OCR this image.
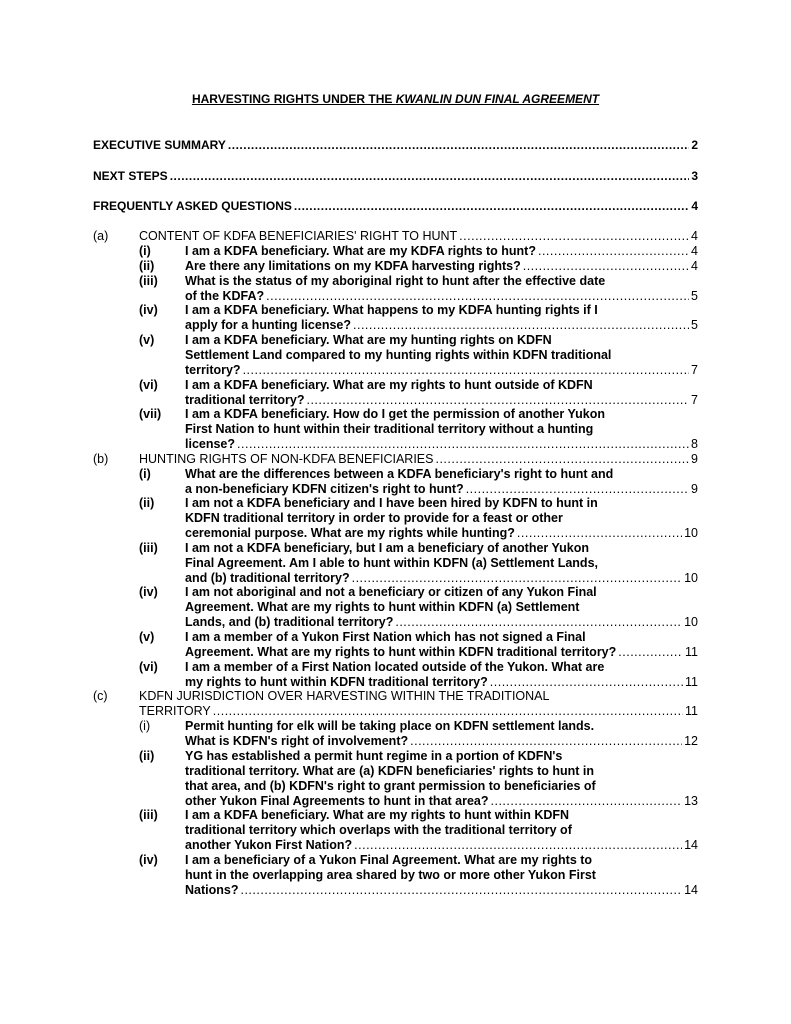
HARVESTING RIGHTS UNDER THE KWANLIN DUN FINAL AGREEMENT
EXECUTIVE SUMMARY .....	2
NEXT STEPS .....	3
FREQUENTLY ASKED QUESTIONS .....	4
(a) CONTENT OF KDFA BENEFICIARIES' RIGHT TO HUNT .....	4
(i)	I am a KDFA beneficiary. What are my KDFA rights to hunt? .....	4
(ii) Are there any limitations on my KDFA harvesting rights? .....	4
(iii) What is the status of my aboriginal right to hunt after the effective date
of the KDFA? .....	5
(iv) I am a KDFA beneficiary. What happens to my KDFA hunting rights if I
apply for a hunting license? .....	5
(v) I am a KDFA beneficiary. What are my hunting rights on KDFN
Settlement Land compared to my hunting rights within KDFN traditional
territory? .....	7
(vi) I am a KDFA beneficiary. What are my rights to hunt outside of KDFN
traditional territory? .....	7
(vii) I am a KDFA beneficiary. How do I get the permission of another Yukon
First Nation to hunt within their traditional territory without a hunting
license? .....	8
(b) HUNTING RIGHTS OF NON-KDFA BENEFICIARIES .....	9
(i)	What are the differences between a KDFA beneficiary's right to hunt and
a non-beneficiary KDFN citizen's right to hunt? .....	9
(ii) I am not a KDFA beneficiary and I have been hired by KDFN to hunt in
KDFN traditional territory in order to provide for a feast or other
ceremonial purpose. What are my rights while hunting? .....	10
(iii) I am not a KDFA beneficiary, but I am a beneficiary of another Yukon
Final Agreement. Am I able to hunt within KDFN (a) Settlement Lands,
and (b) traditional territory? .....	10
(iv) I am not aboriginal and not a beneficiary or citizen of any Yukon Final
Agreement. What are my rights to hunt within KDFN (a) Settlement
Lands, and (b) traditional territory? .....	10
(v) I am a member of a Yukon First Nation which has not signed a Final
Agreement. What are my rights to hunt within KDFN traditional territory? .....	11
(vi) I am a member of a First Nation located outside of the Yukon. What are
my rights to hunt within KDFN traditional territory? .....	11
(c)	KDFN JURISDICTION OVER HARVESTING WITHIN THE TRADITIONAL
TERRITORY .....	11
(i)	Permit hunting for elk will be taking place on KDFN settlement lands.
What is KDFN's right of involvement? .....	12
(ii) YG has established a permit hunt regime in a portion of KDFN's
traditional territory. What are (a) KDFN beneficiaries' rights to hunt in
that area, and (b) KDFN's right to grant permission to beneficiaries of
other Yukon Final Agreements to hunt in that area? .....	13
(iii) I am a KDFA beneficiary. What are my rights to hunt within KDFN
traditional territory which overlaps with the traditional territory of
another Yukon First Nation? .....	14
(iv) I am a beneficiary of a Yukon Final Agreement. What are my rights to
hunt in the overlapping area shared by two or more other Yukon First
Nations? .....	14
